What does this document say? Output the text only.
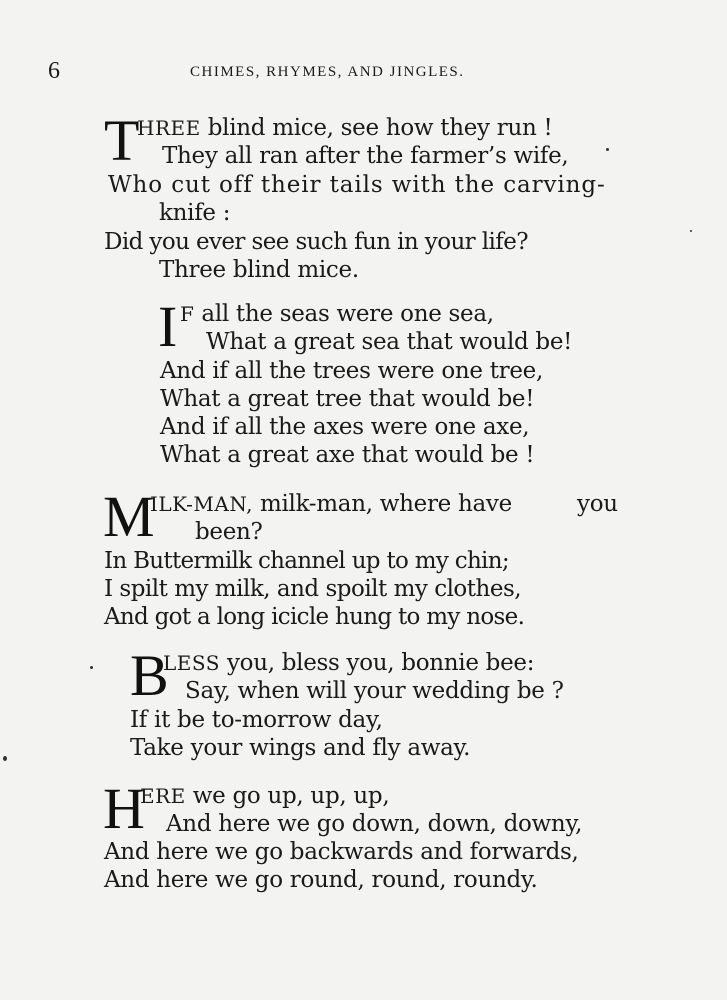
6	CHIMES, RHYMES, AND JINGLES.
T
HREE blind mice, see how they run !
They all ran after the farmer’s wife,
Who cut off their tails with the carving-
knife :
Did you ever see such fun in your life?
Three blind mice.
I F all the seas were one sea,
What a great sea that would be!
And if all the trees were one tree,
What a great tree that would be!
And if all the axes were one axe,
What a great axe that would be !
M
ILK-MAN, milk-man, where have	you
been?
In Buttermilk channel up to my chin;
I spilt my milk, and spoilt my clothes,
And got a long icicle hung to my nose.
B
LESS you, bless you, bonnie bee:
Say, when will your wedding be ?
If it be to-morrow day,
Take your wings and fly away.
H
ERE we go up, up, up,
And here we go down, down, downy,
And here we go backwards and forwards,
And here we go round, round, roundy.
